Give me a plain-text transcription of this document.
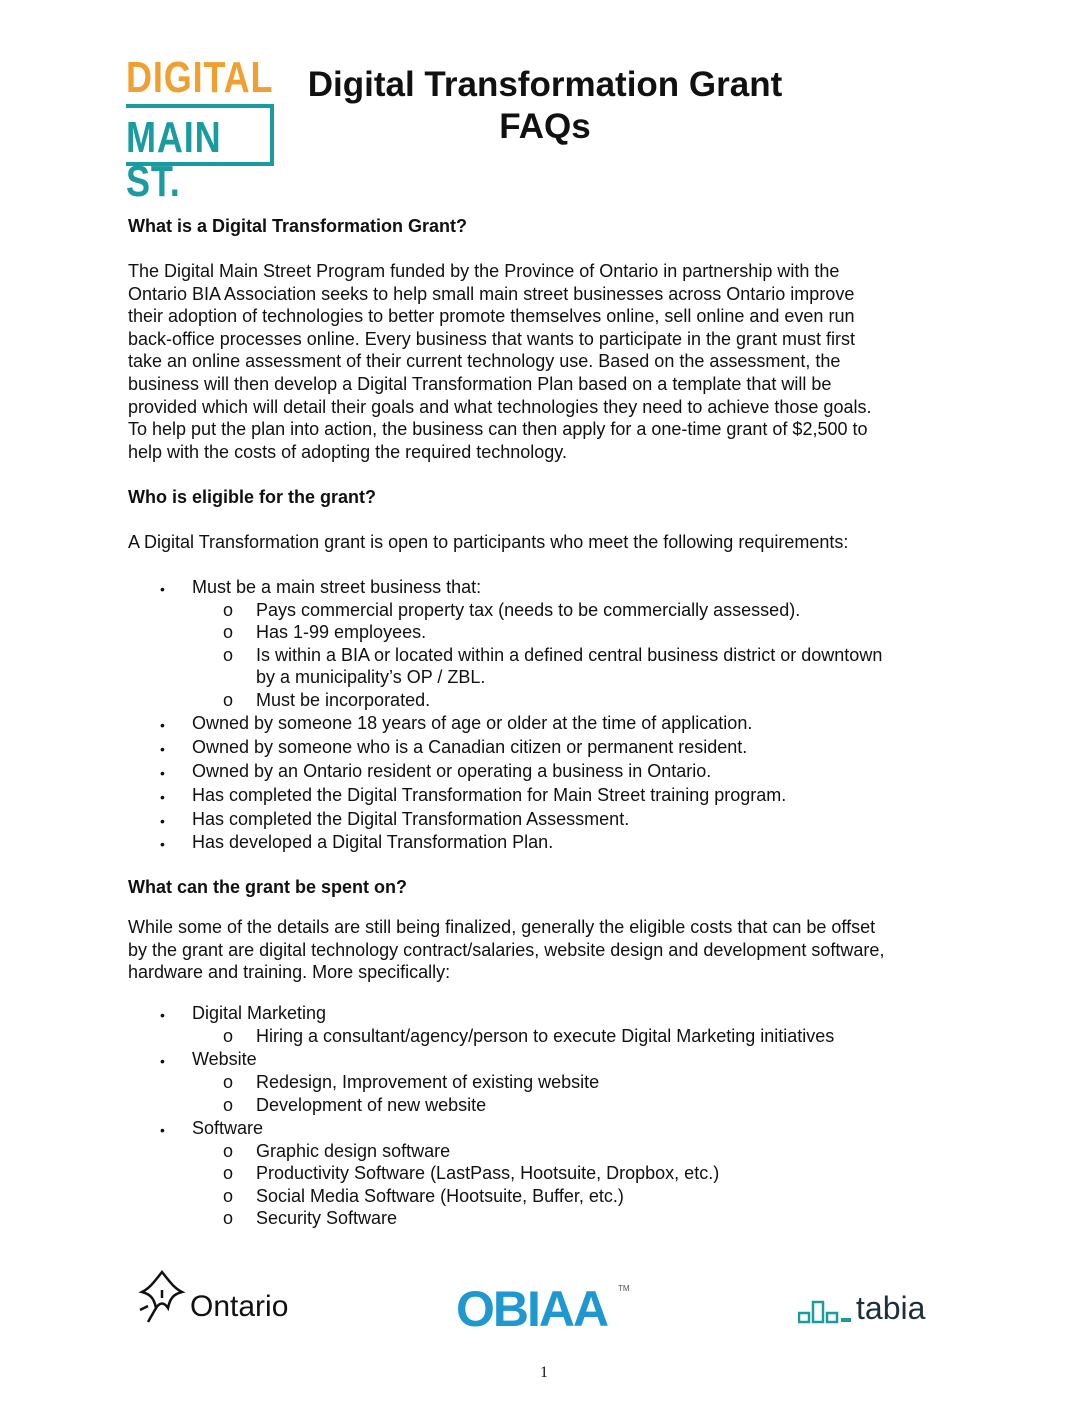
DIGITAL
MAIN ST.
Digital Transformation Grant
FAQs
What is a Digital Transformation Grant?
The Digital Main Street Program funded by the Province of Ontario in partnership with the
Ontario BIA Association seeks to help small main street businesses across Ontario improve
their adoption of technologies to better promote themselves online, sell online and even run
back-office processes online. Every business that wants to participate in the grant must first
take an online assessment of their current technology use. Based on the assessment, the
business will then develop a Digital Transformation Plan based on a template that will be
provided which will detail their goals and what technologies they need to achieve those goals.
To help put the plan into action, the business can then apply for a one-time grant of $2,500 to
help with the costs of adopting the required technology.
Who is eligible for the grant?
A Digital Transformation grant is open to participants who meet the following requirements:
• Must be a main street business that:
o Pays commercial property tax (needs to be commercially assessed).
o Has 1-99 employees.
o Is within a BIA or located within a defined central business district or downtown
by a municipality’s OP / ZBL.
o Must be incorporated.
• Owned by someone 18 years of age or older at the time of application.
• Owned by someone who is a Canadian citizen or permanent resident.
• Owned by an Ontario resident or operating a business in Ontario.
• Has completed the Digital Transformation for Main Street training program.
• Has completed the Digital Transformation Assessment.
• Has developed a Digital Transformation Plan.
What can the grant be spent on?
While some of the details are still being finalized, generally the eligible costs that can be offset
by the grant are digital technology contract/salaries, website design and development software,
hardware and training. More specifically:
• Digital Marketing
o Hiring a consultant/agency/person to execute Digital Marketing initiatives
• Website
o Redesign, Improvement of existing website
o Development of new website
• Software
o Graphic design software
o Productivity Software (LastPass, Hootsuite, Dropbox, etc.)
o Social Media Software (Hootsuite, Buffer, etc.)
o Security Software
Ontario	OBIAA TM
tabia
1
